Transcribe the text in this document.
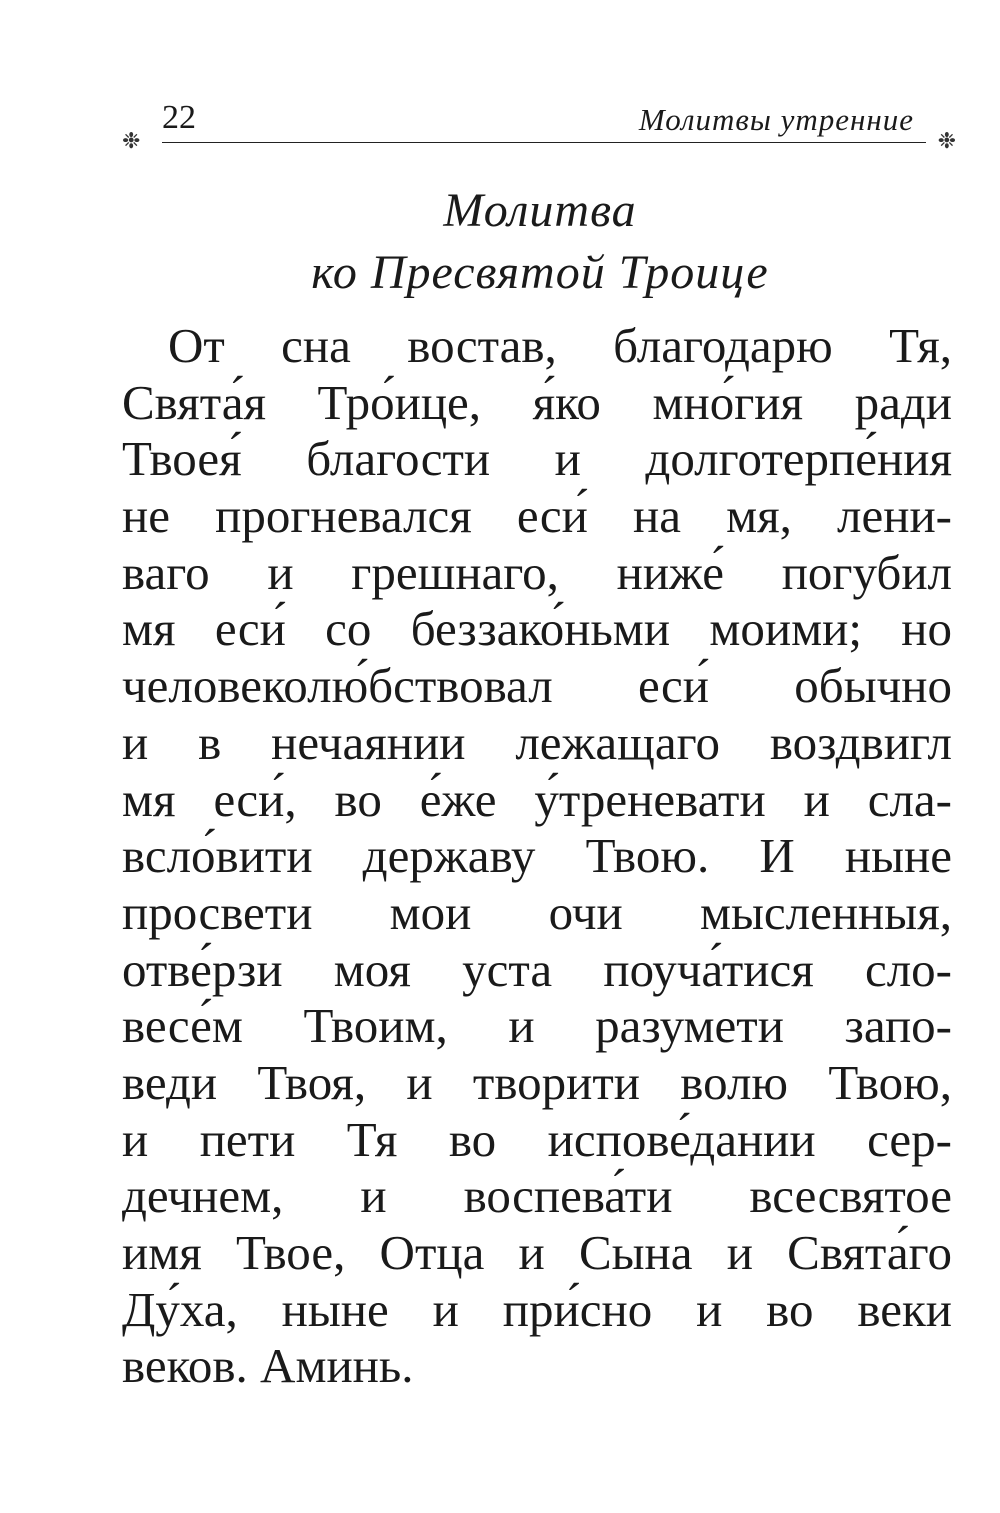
❉
22	Молитвы утренние
❉
Молитва
ко Пресвятой Троице
От сна востав, благодарю Тя,
Свята́я Тро́ице, я́ко мно́гия ради
Твоея́ благости и долготерпе́ния
не прогневался еси́ на мя, лени-
ваго и грешнаго, ниже́ погубил
мя еси́ со беззако́ньми моими; но
человеколю́бствовал еси́ обычно
и в нечаянии лежащаго воздвигл
мя еси́, во е́же у́треневати и сла-
всло́вити державу Твою. И ныне
просвети мои очи мысленныя,
отве́рзи моя уста поуча́тися сло-
весе́м Твоим, и разумети запо-
веди Твоя, и творити волю Твою,
и пети Тя во испове́дании сер-
дечнем, и воспева́ти всесвятое
имя Твое, Отца и Сына и Свята́го
Ду́ха, ныне и при́сно и во веки
веков. Аминь.
